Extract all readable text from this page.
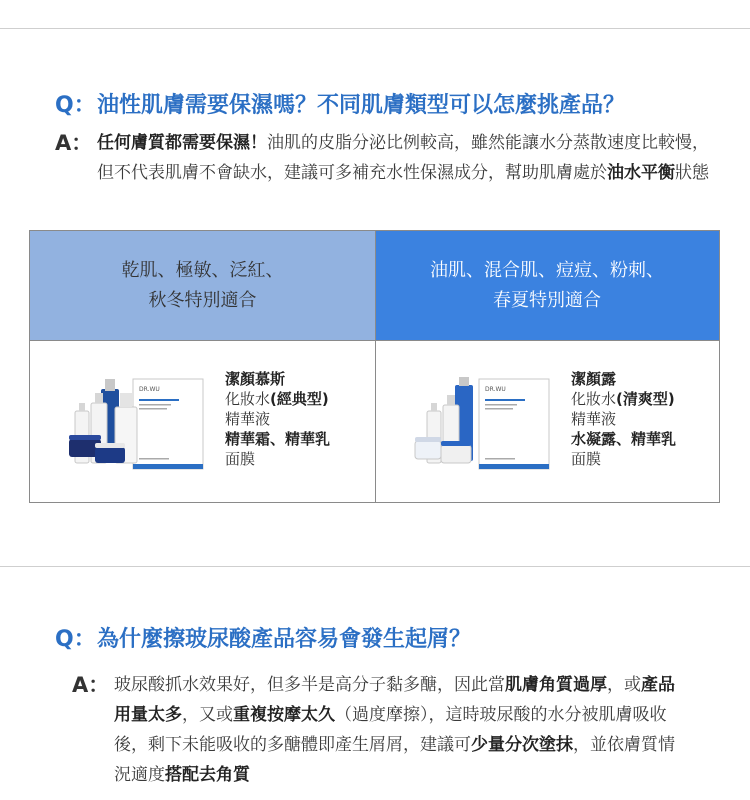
Q：油性肌膚需要保濕嗎？不同肌膚類型可以怎麼挑產品？
A： 任何膚質都需要保濕！油肌的皮脂分泌比例較高，雖然能讓水分蒸散速度比較慢，但不代表肌膚不會缺水，建議可多補充水性保濕成分，幫助肌膚處於油水平衡狀態
乾肌、極敏、泛紅、
秋冬特別適合
油肌、混合肌、痘痘、粉刺、
春夏特別適合
DR.WU
潔顏慕斯
化妝水(經典型)
精華液
精華霜、精華乳
面膜
DR.WU
潔顏露
化妝水(清爽型)
精華液
水凝露、精華乳
面膜
Q：為什麼擦玻尿酸產品容易會發生起屑？
A： 玻尿酸抓水效果好，但多半是高分子黏多醣，因此當肌膚角質過厚，或產品用量太多，又或重複按摩太久（過度摩擦），這時玻尿酸的水分被肌膚吸收後，剩下未能吸收的多醣體即產生屑屑，建議可少量分次塗抹，並依膚質情況適度搭配去角質
